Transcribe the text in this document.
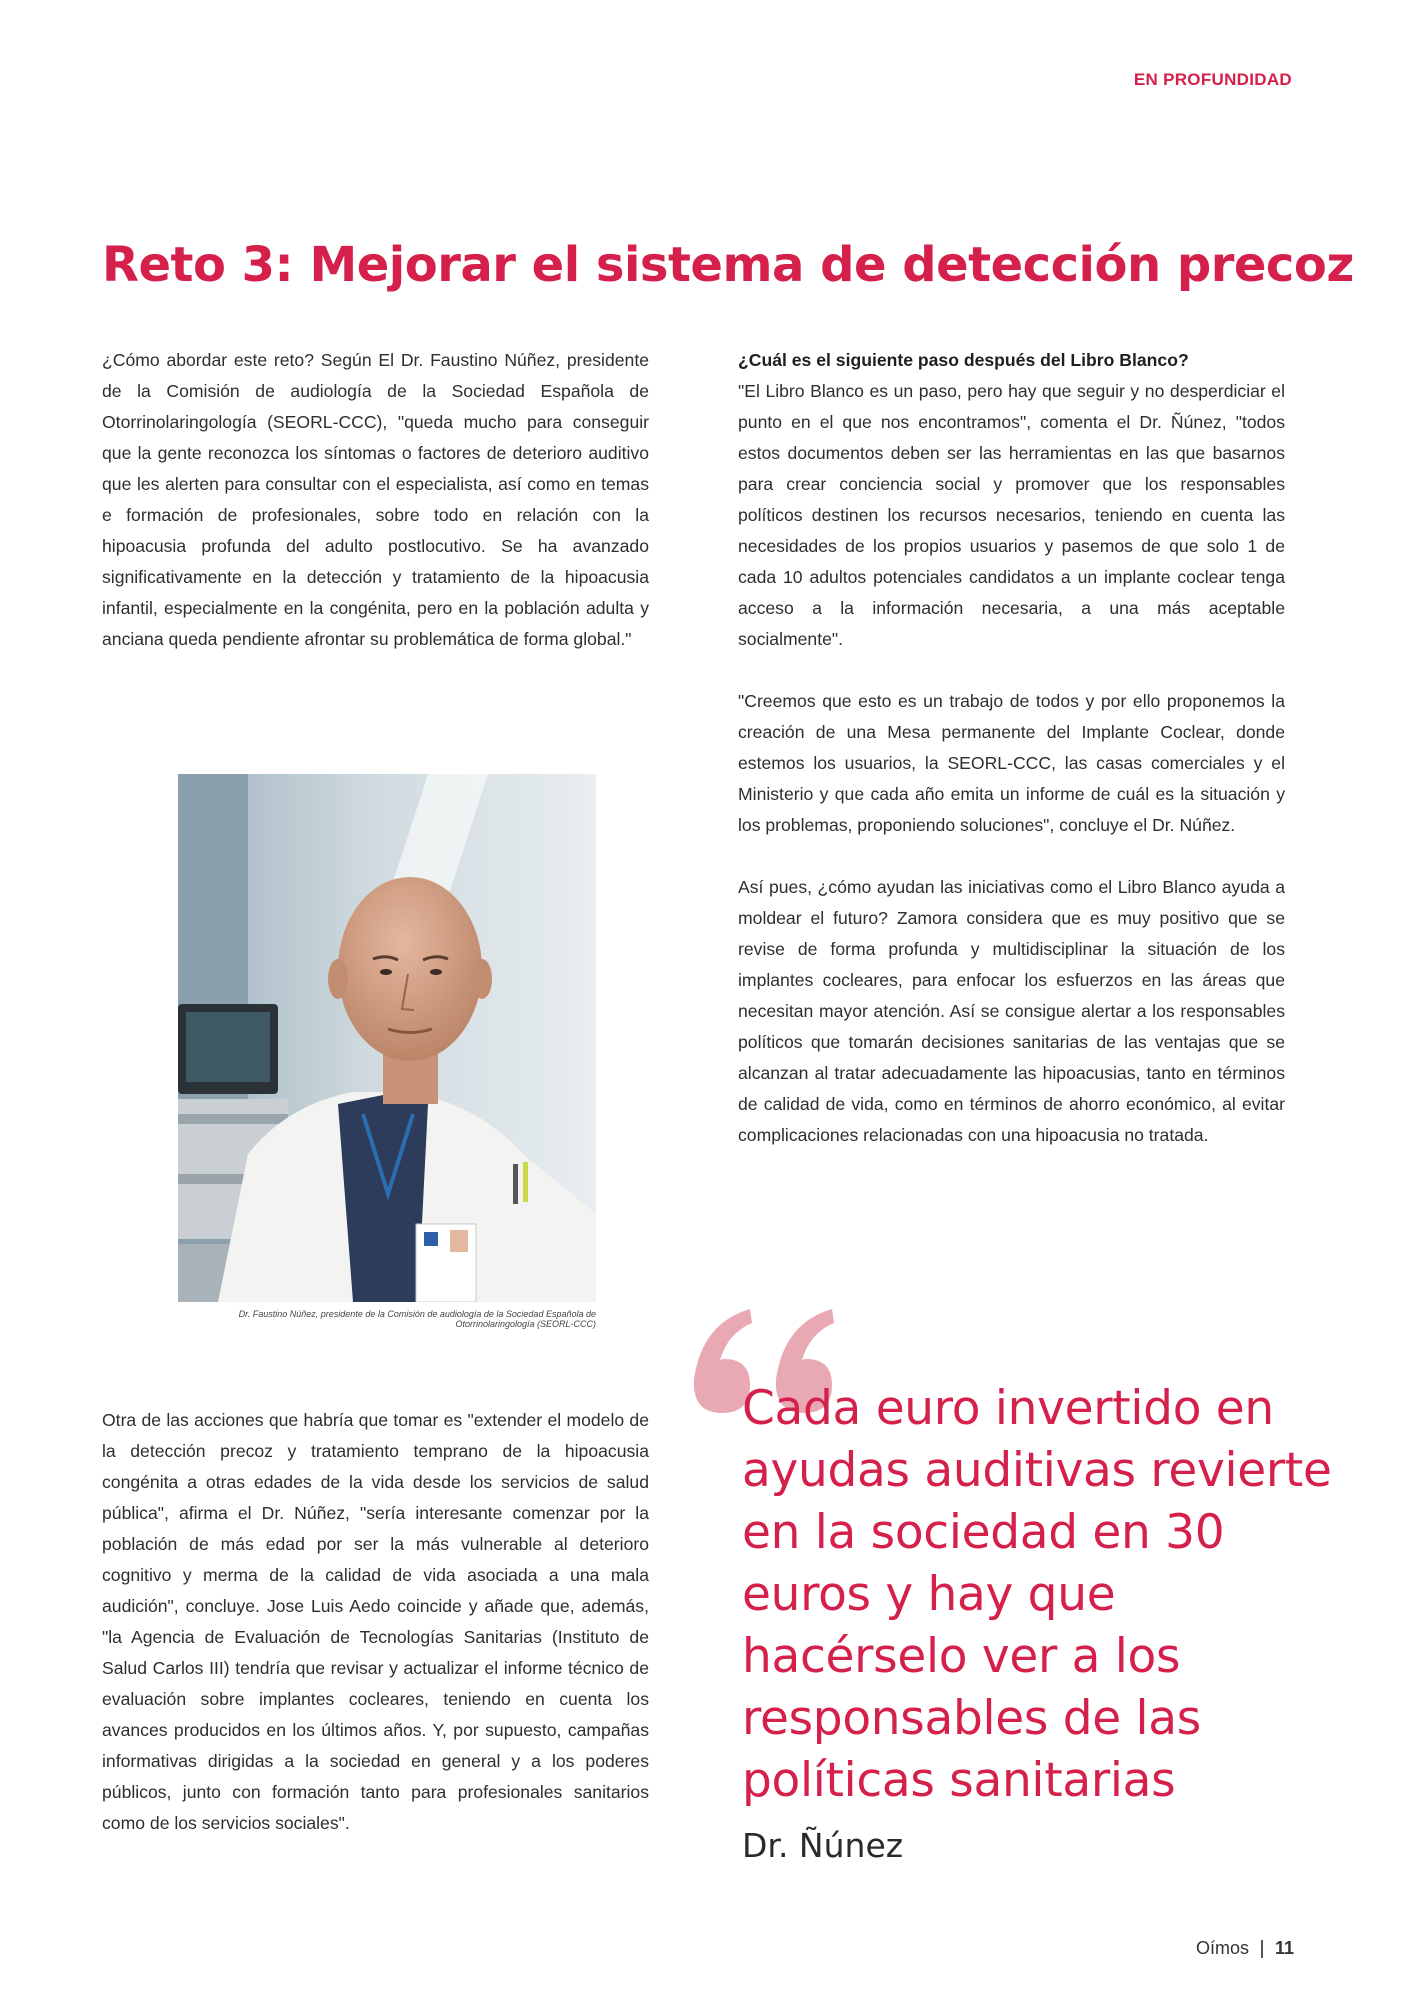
EN PROFUNDIDAD
Reto 3: Mejorar el sistema de detección precoz

¿Cómo abordar este reto? Según El Dr. Faustino Núñez, presidente de la Comisión de audiología de la Sociedad Española de Otorrinolaringología (SEORL-CCC), "queda mucho para conseguir que la gente reconozca los síntomas o factores de deterioro auditivo que les alerten para consultar con el especialista, así como en temas e formación de profesionales, sobre todo en relación con la hipoacusia profunda del adulto postlocutivo. Se ha avanzado significativamente en la detección y tratamiento de la hipoacusia infantil, especialmente en la congénita, pero en la población adulta y anciana queda pendiente afrontar su problemática de forma global."

Dr. Faustino Núñez, presidente de la Comisión de audiología de la Sociedad Española de Otorrinolaringología (SEORL-CCC)

Otra de las acciones que habría que tomar es "extender el modelo de la detección precoz y tratamiento temprano de la hipoacusia congénita a otras edades de la vida desde los servicios de salud pública", afirma el Dr. Núñez, "sería interesante comenzar por la población de más edad por ser la más vulnerable al deterioro cognitivo y merma de la calidad de vida asociada a una mala audición", concluye. Jose Luis Aedo coincide y añade que, además, "la Agencia de Evaluación de Tecnologías Sanitarias (Instituto de Salud Carlos III) tendría que revisar y actualizar el informe técnico de evaluación sobre implantes cocleares, teniendo en cuenta los avances producidos en los últimos años. Y, por supuesto, campañas informativas dirigidas a la sociedad en general y a los poderes públicos, junto con formación tanto para profesionales sanitarios como de los servicios sociales".

¿Cuál es el siguiente paso después del Libro Blanco?

"El Libro Blanco es un paso, pero hay que seguir y no desperdiciar el punto en el que nos encontramos", comenta el Dr. Ñúnez, "todos estos documentos deben ser las herramientas en las que basarnos para crear conciencia social y promover que los responsables políticos destinen los recursos necesarios, teniendo en cuenta las necesidades de los propios usuarios y pasemos de que solo 1 de cada 10 adultos potenciales candidatos a un implante coclear tenga acceso a la información necesaria, a una más aceptable socialmente".

"Creemos que esto es un trabajo de todos y por ello proponemos la creación de una Mesa permanente del Implante Coclear, donde estemos los usuarios, la SEORL-CCC, las casas comerciales y el Ministerio y que cada año emita un informe de cuál es la situación y los problemas, proponiendo soluciones", concluye el Dr. Núñez.

Así pues, ¿cómo ayudan las iniciativas como el Libro Blanco ayuda a moldear el futuro? Zamora considera que es muy positivo que se revise de forma profunda y multidisciplinar la situación de los implantes cocleares, para enfocar los esfuerzos en las áreas que necesitan mayor atención. Así se consigue alertar a los responsables políticos que tomarán decisiones sanitarias de las ventajas que se alcanzan al tratar adecuadamente las hipoacusias, tanto en términos de calidad de vida, como en términos de ahorro económico, al evitar complicaciones relacionadas con una hipoacusia no tratada.

Cada euro invertido en ayudas auditivas revierte en la sociedad en 30 euros y hay que hacérselo ver a los responsables de las políticas sanitarias

Dr. Ñúnez
Oímos 11
